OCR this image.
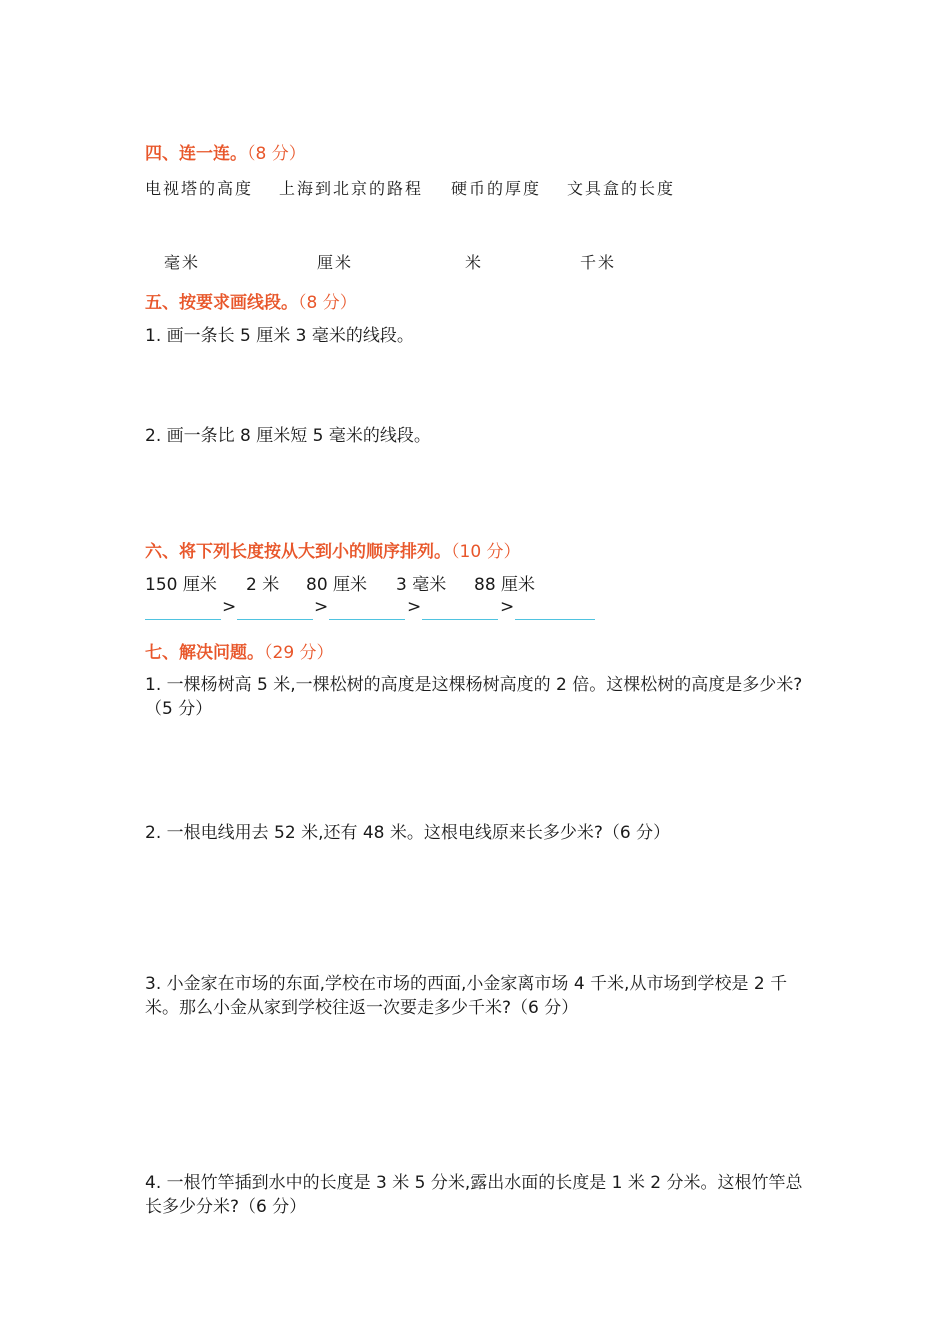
四、连一连。（8 分）
电视塔的高度 上海到北京的路程 硬币的厚度 文具盒的长度
毫米	厘米	米	千米
五、按要求画线段。（8 分）
1. 画一条长 5 厘米 3 毫米的线段。
2. 画一条比 8 厘米短 5 毫米的线段。
六、将下列长度按从大到小的顺序排列。（10 分）
150 厘米 2 米 80 厘米 3 毫米 88 厘米
>	>	>	>
七、解决问题。（29 分）
1. 一棵杨树高 5 米,一棵松树的高度是这棵杨树高度的 2 倍。这棵松树的高度是多少米?（5 分）
2. 一根电线用去 52 米,还有 48 米。这根电线原来长多少米?（6 分）
3. 小金家在市场的东面,学校在市场的西面,小金家离市场 4 千米,从市场到学校是 2 千米。那么小金从家到学校往返一次要走多少千米?（6 分）
4. 一根竹竿插到水中的长度是 3 米 5 分米,露出水面的长度是 1 米 2 分米。这根竹竿总长多少分米?（6 分）
